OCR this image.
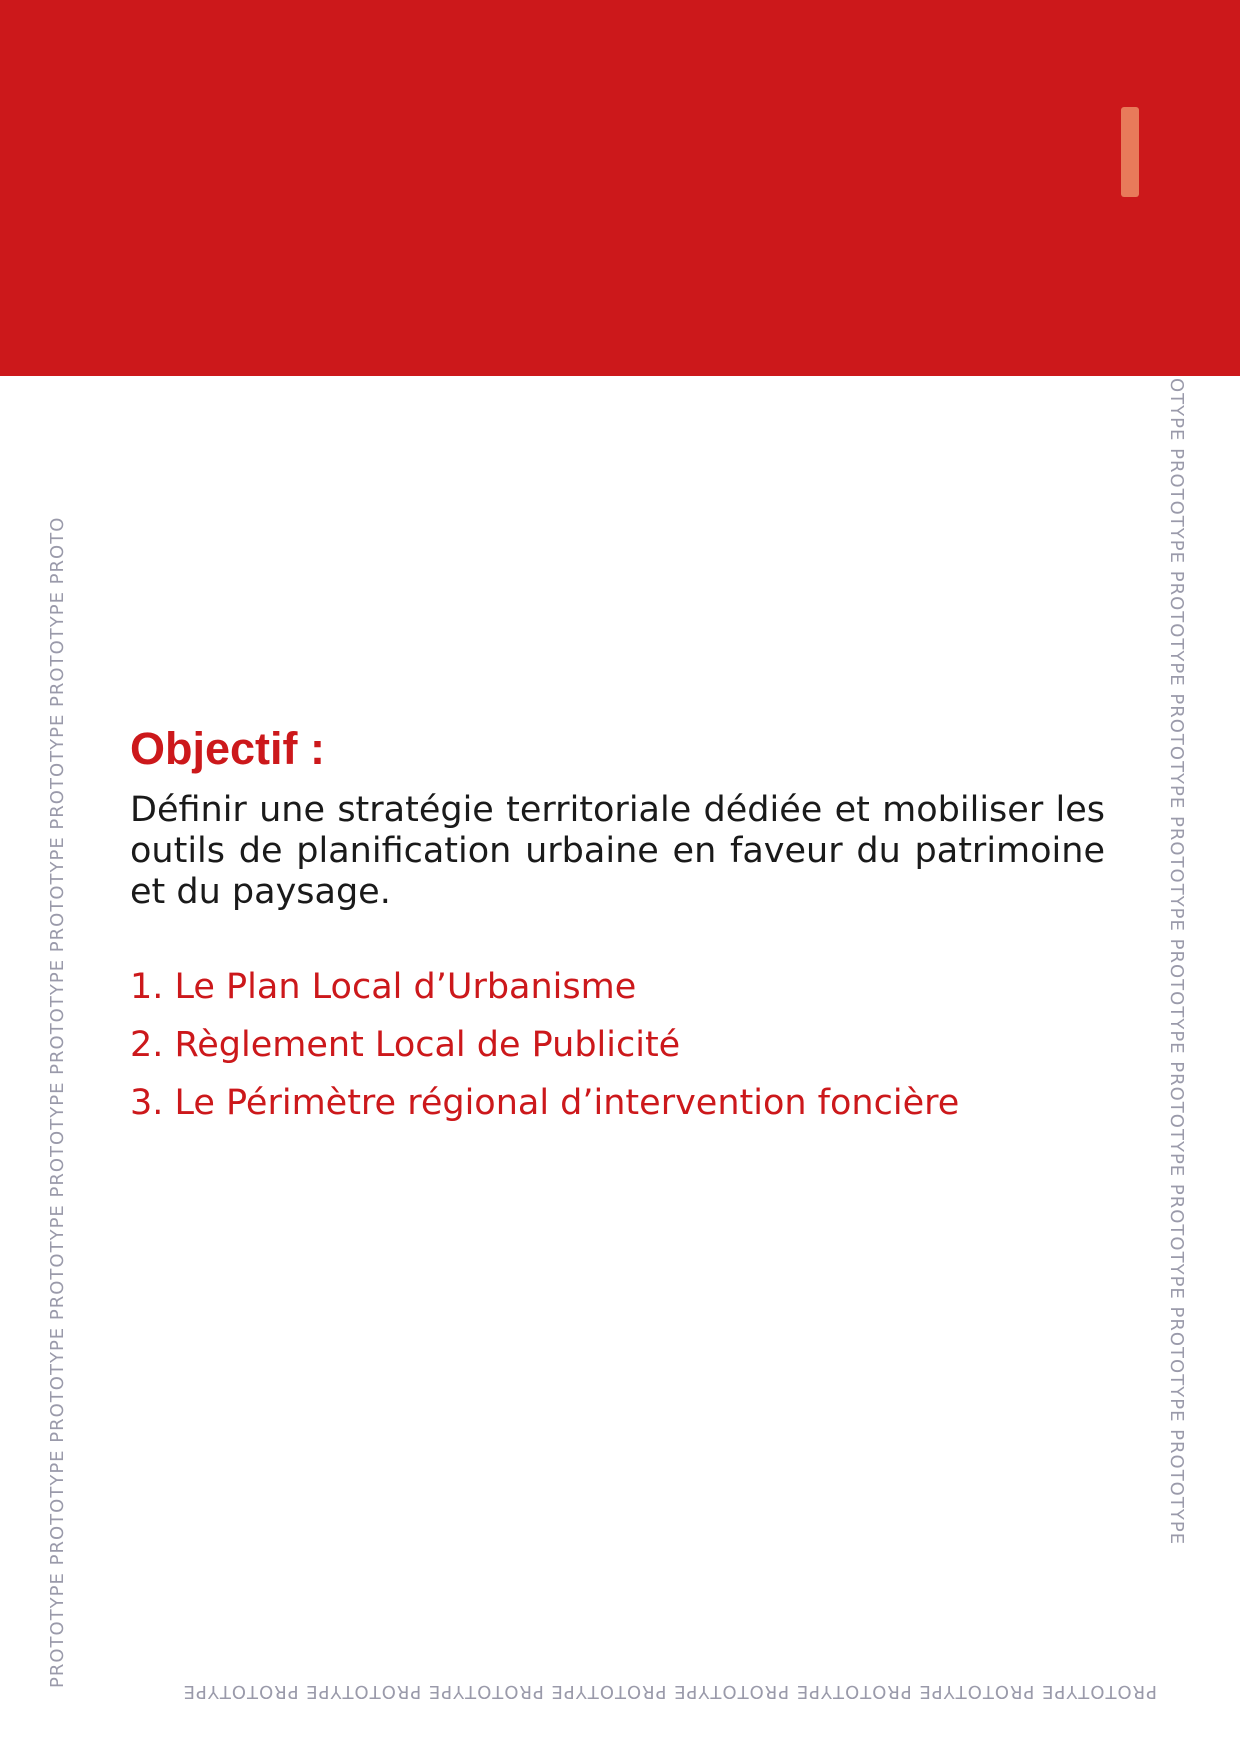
PROTOTYPE PROTOTYPE PROTOTYPE PROTOTYPE PROTOTYPE PROTOTYPE PROTOTYPE PROTOTYPE PROTOTYPE PROTO	OTYPE PROTOTYPE PROTOTYPE PROTOTYPE PROTOTYPE PROTOTYPE PROTOTYPE PROTOTYPE PROTOTYPE PROTOTYPE
PROTOTYPE PROTOTYPE PROTOTYPE PROTOTYPE PROTOTYPE PROTOTYPE PROTOTYPE PROTOTYPE
Objectif :

Définir une stratégie territoriale dédiée et mobiliser les outils de planification urbaine en faveur du patrimoine et du paysage.

1. Le Plan Local d’Urbanisme
2. Règlement Local de Publicité
3. Le Périmètre régional d’intervention foncière
